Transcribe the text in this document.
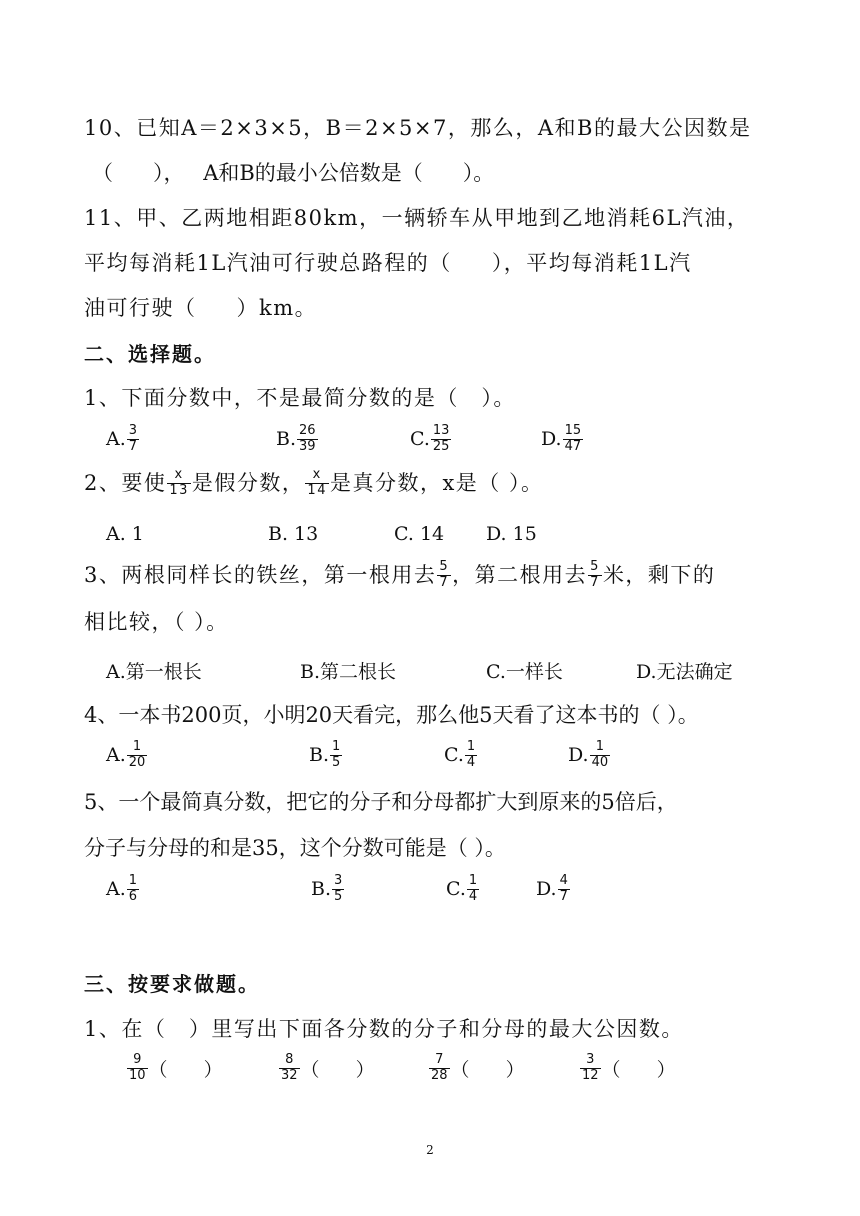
10、已知A＝2×3×5，B＝2×5×7，那么，A和B的最大公因数是
（ ）， A和B的最小公倍数是（ ）。
11、甲、乙两地相距80km，一辆轿车从甲地到乙地消耗6L汽油，
平均每消耗1L汽油可行驶总路程的（ ），平均每消耗1L汽
油可行驶（ ）km。
二、选择题。
1、下面分数中，不是最简分数的是（　）。
A. $\frac{3}{7}$	B. $\frac{26}{39}$	C. $\frac{13}{25}$	D. $\frac{15}{47}$
2、要使 $\frac{x}{13}$ 是假分数， $\frac{x}{14}$ 是真分数，x是（ ）。
A. 1	B. 13	C. 14 D. 15
3、两根同样长的铁丝，第一根用去 $\frac{5}{7}$ ，第二根用去 $\frac{5}{7}$ 米，剩下的
相比较，（ ）。
A.第一根长	B.第二根长	C.一样长	D.无法确定
4、一本书200页，小明20天看完，那么他5天看了这本书的（ ）。
A. $\frac{1}{20}$	B. $\frac{1}{5}$	C. $\frac{1}{4}$	D. $\frac{1}{40}$
5、一个最简真分数，把它的分子和分母都扩大到原来的5倍后，
分子与分母的和是35，这个分数可能是（ ）。
A. $\frac{1}{6}$	B. $\frac{3}{5}$	C. $\frac{1}{4}$	D. $\frac{4}{7}$
三、按要求做题。
1、在（　）里写出下面各分数的分子和分母的最大公因数。
$\frac{9}{10}$ （ ）	$\frac{8}{32}$ （ ）	$\frac{7}{28}$ （ ）	$\frac{3}{12}$ （ ）
2
